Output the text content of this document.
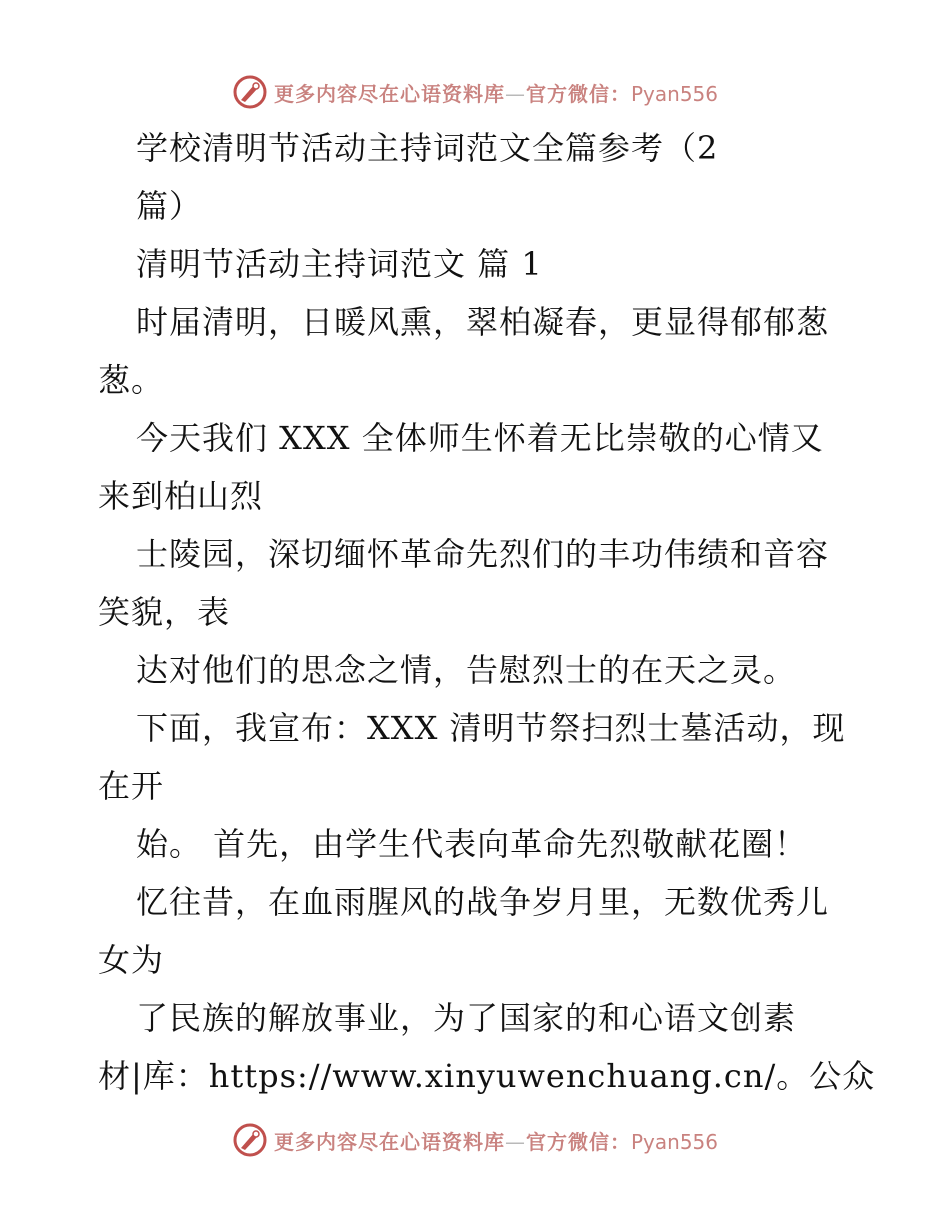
更多内容尽在心语资料库—官方微信：Pyan556
学校清明节活动主持词范文全篇参考（2
篇）
清明节活动主持词范文 篇 1
时届清明，日暖风熏，翠柏凝春，更显得郁郁葱
葱。
今天我们 XXX 全体师生怀着无比崇敬的心情又
来到柏山烈
士陵园，深切缅怀革命先烈们的丰功伟绩和音容
笑貌，表
达对他们的思念之情，告慰烈士的在天之灵。
下面，我宣布：XXX 清明节祭扫烈士墓活动，现
在开
始。 首先，由学生代表向革命先烈敬献花圈！
忆往昔，在血雨腥风的战争岁月里，无数优秀儿
女为
了民族的解放事业，为了国家的和心语文创素
材|库：https://www.xinyuwenchuang.cn/。公众
更多内容尽在心语资料库—官方微信：Pyan556
